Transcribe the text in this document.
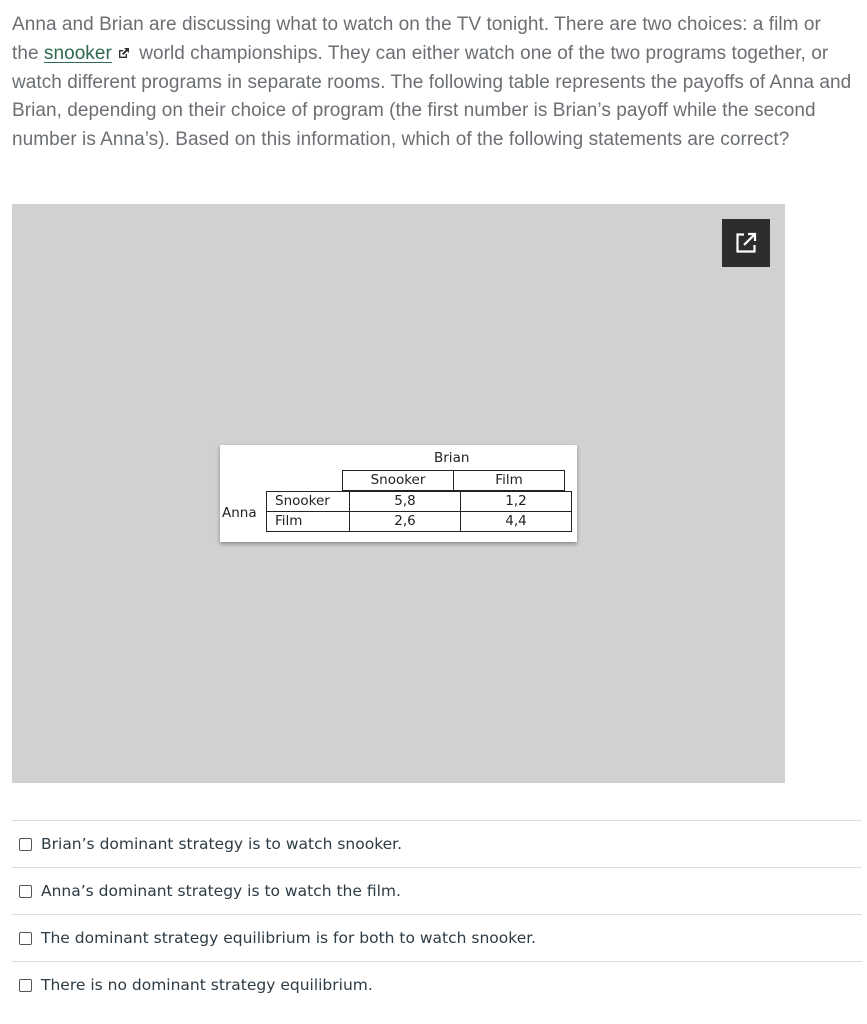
Anna and Brian are discussing what to watch on the TV tonight. There are two choices: a film or the snooker world championships. They can either watch one of the two programs together, or watch different programs in separate rooms. The following table represents the payoffs of Anna and Brian, depending on their choice of program (the first number is Brian’s payoff while the second number is Anna’s). Based on this information, which of the following statements are correct?
Brian
Anna
Snooker	Film
Snooker	5,8	1,2
Film	2,6	4,4
Brian’s dominant strategy is to watch snooker.
Anna’s dominant strategy is to watch the film.
The dominant strategy equilibrium is for both to watch snooker.
There is no dominant strategy equilibrium.
